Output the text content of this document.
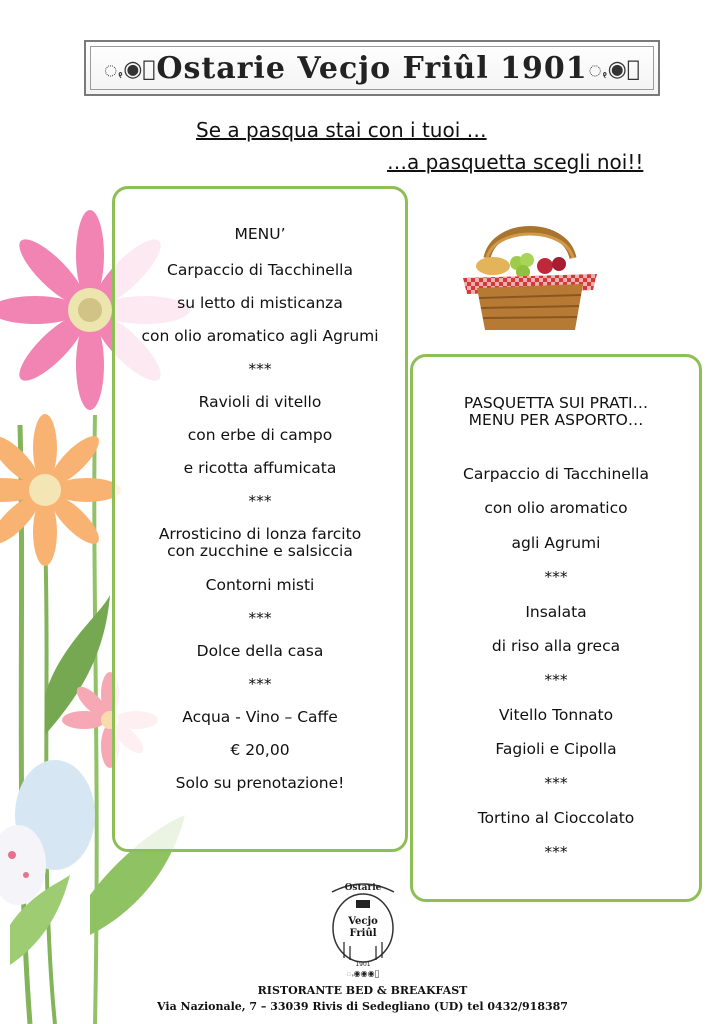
ꩻ◉ꩻ Ostarie Vecjo Friûl 1901 ꩻ◉ꩻ
Se a pasqua stai con i tuoi …
…a pasquetta scegli noi!!
MENU’
Carpaccio di Tacchinella
su letto di misticanza
con olio aromatico agli Agrumi
***
Ravioli di vitello
con erbe di campo
e ricotta affumicata
***
Arrosticino di lonza farcito
con zucchine e salsiccia
Contorni misti
***
Dolce della casa
***
Acqua - Vino – Caffe
€ 20,00
Solo su prenotazione!
PASQUETTA SUI PRATI…
MENU PER ASPORTO…
Carpaccio di Tacchinella
con olio aromatico
agli Agrumi
***
Insalata
di riso alla greca
***
Vitello Tonnato
Fagioli e Cipolla
***
Tortino al Cioccolato
***
Ostarie
Vecjo
Friûl
1901
ꩻ◉◉◉ꩻ
RISTORANTE BED & BREAKFAST
Via Nazionale, 7 – 33039 Rivis di Sedegliano (UD) tel 0432/918387
